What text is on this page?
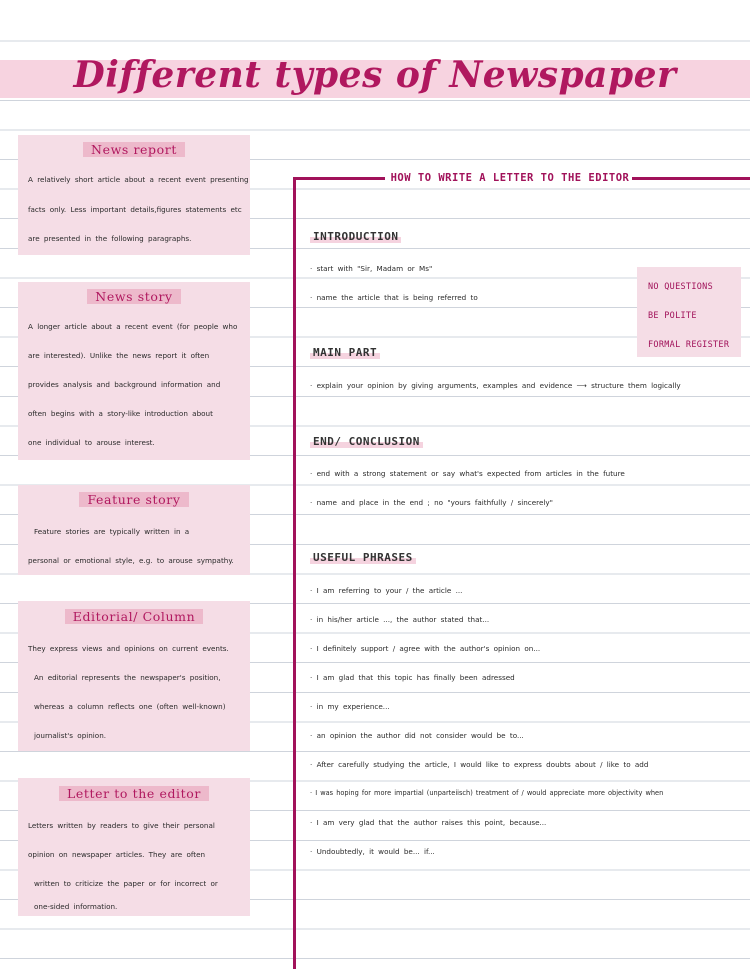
Different types of Newspaper

News report

A relatively short article about a recent event presenting
facts only. Less important details,figures statements etc
are presented in the following paragraphs.

News story

A longer article about a recent event (for people who
are interested). Unlike the news report it often
provides analysis and background information and
often begins with a story-like introduction about
one individual to arouse interest.

Feature story

Feature stories are typically written in a
personal or emotional style, e.g. to arouse sympathy.

Editorial/ Column

They express views and opinions on current events.
An editorial represents the newspaper's position,
whereas a column reflects one (often well-known)
journalist's opinion.

Letter to the editor

Letters written by readers to give their personal
opinion on newspaper articles. They are often
written to criticize the paper or for incorrect or
one-sided information.
HOW TO WRITE A LETTER TO THE EDITOR
INTRODUCTION
· start with "Sir, Madam or Ms"
· name the article that is being referred to
NO QUESTIONS
BE POLITE
FORMAL REGISTER
MAIN PART
· explain your opinion by giving arguments, examples and evidence ⟶ structure them logically
END/ CONCLUSION
· end with a strong statement or say what's expected from articles in the future
· name and place in the end ; no "yours faithfully / sincerely"
USEFUL PHRASES
· I am referring to your / the article ...
· in his/her article ..., the author stated that...
· I definitely support / agree with the author's opinion on...
· I am glad that this topic has finally been adressed
· in my experience...
· an opinion the author did not consider would be to...
· After carefully studying the article, I would like to express doubts about / like to add
· I was hoping for more impartial (unparteiisch) treatment of / would appreciate more objectivity when
· I am very glad that the author raises this point, because...
· Undoubtedly, it would be... if...
